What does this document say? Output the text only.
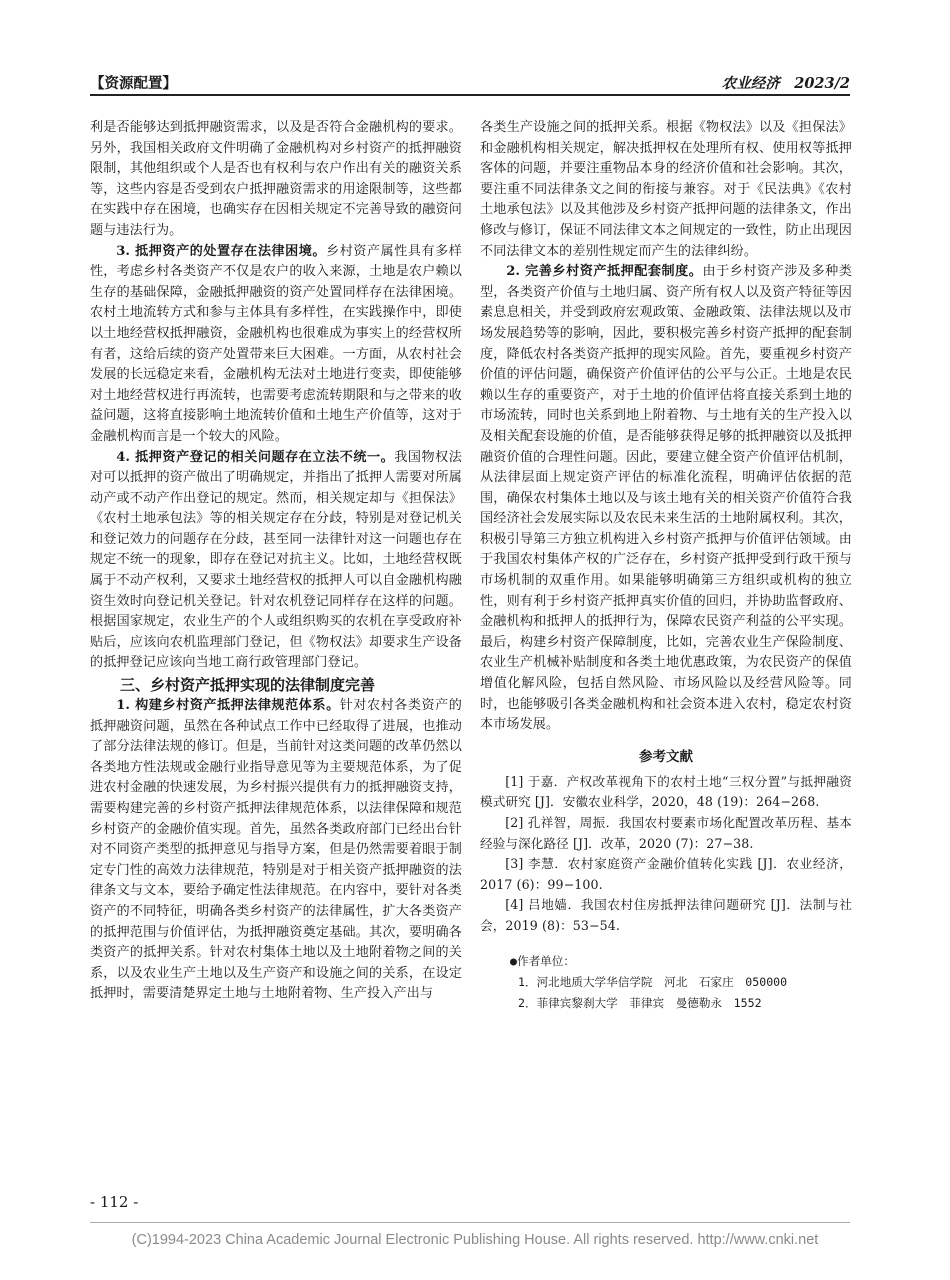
【资源配置】	农业经济　2023/2

利是否能够达到抵押融资需求，以及是否符合金融机构的要求。另外，我国相关政府文件明确了金融机构对乡村资产的抵押融资限制，其他组织或个人是否也有权利与农户作出有关的融资关系等，这些内容是否受到农户抵押融资需求的用途限制等，这些都在实践中存在困境，也确实存在因相关规定不完善导致的融资问题与违法行为。

3. 抵押资产的处置存在法律困境。乡村资产属性具有多样性，考虑乡村各类资产不仅是农户的收入来源，土地是农户赖以生存的基础保障，金融抵押融资的资产处置同样存在法律困境。农村土地流转方式和参与主体具有多样性，在实践操作中，即使以土地经营权抵押融资，金融机构也很难成为事实上的经营权所有者，这给后续的资产处置带来巨大困难。一方面，从农村社会发展的长远稳定来看，金融机构无法对土地进行变卖，即使能够对土地经营权进行再流转，也需要考虑流转期限和与之带来的收益问题，这将直接影响土地流转价值和土地生产价值等，这对于金融机构而言是一个较大的风险。

4. 抵押资产登记的相关问题存在立法不统一。我国物权法对可以抵押的资产做出了明确规定，并指出了抵押人需要对所属动产或不动产作出登记的规定。然而，相关规定却与《担保法》《农村土地承包法》等的相关规定存在分歧，特别是对登记机关和登记效力的问题存在分歧，甚至同一法律针对这一问题也存在规定不统一的现象，即存在登记对抗主义。比如，土地经营权既属于不动产权利，又要求土地经营权的抵押人可以自金融机构融资生效时向登记机关登记。针对农机登记同样存在这样的问题。根据国家规定，农业生产的个人或组织购买的农机在享受政府补贴后，应该向农机监理部门登记，但《物权法》却要求生产设备的抵押登记应该向当地工商行政管理部门登记。

三、乡村资产抵押实现的法律制度完善

1. 构建乡村资产抵押法律规范体系。针对农村各类资产的抵押融资问题，虽然在各种试点工作中已经取得了进展，也推动了部分法律法规的修订。但是，当前针对这类问题的改革仍然以各类地方性法规或金融行业指导意见等为主要规范体系，为了促进农村金融的快速发展，为乡村振兴提供有力的抵押融资支持，需要构建完善的乡村资产抵押法律规范体系，以法律保障和规范乡村资产的金融价值实现。首先，虽然各类政府部门已经出台针对不同资产类型的抵押意见与指导方案，但是仍然需要着眼于制定专门性的高效力法律规范，特别是对于相关资产抵押融资的法律条文与文本，要给予确定性法律规范。在内容中，要针对各类资产的不同特征，明确各类乡村资产的法律属性，扩大各类资产的抵押范围与价值评估，为抵押融资奠定基础。其次，要明确各类资产的抵押关系。针对农村集体土地以及土地附着物之间的关系，以及农业生产土地以及生产资产和设施之间的关系，在设定抵押时，需要清楚界定土地与土地附着物、生产投入产出与

各类生产设施之间的抵押关系。根据《物权法》以及《担保法》和金融机构相关规定，解决抵押权在处理所有权、使用权等抵押客体的问题，并要注重物品本身的经济价值和社会影响。其次，要注重不同法律条文之间的衔接与兼容。对于《民法典》《农村土地承包法》以及其他涉及乡村资产抵押问题的法律条文，作出修改与修订，保证不同法律文本之间规定的一致性，防止出现因不同法律文本的差别性规定而产生的法律纠纷。

2. 完善乡村资产抵押配套制度。由于乡村资产涉及多种类型，各类资产价值与土地归属、资产所有权人以及资产特征等因素息息相关，并受到政府宏观政策、金融政策、法律法规以及市场发展趋势等的影响，因此，要积极完善乡村资产抵押的配套制度，降低农村各类资产抵押的现实风险。首先，要重视乡村资产价值的评估问题，确保资产价值评估的公平与公正。土地是农民赖以生存的重要资产，对于土地的价值评估将直接关系到土地的市场流转，同时也关系到地上附着物、与土地有关的生产投入以及相关配套设施的价值，是否能够获得足够的抵押融资以及抵押融资价值的合理性问题。因此，要建立健全资产价值评估机制，从法律层面上规定资产评估的标准化流程，明确评估依据的范围，确保农村集体土地以及与该土地有关的相关资产价值符合我国经济社会发展实际以及农民未来生活的土地附属权利。其次，积极引导第三方独立机构进入乡村资产抵押与价值评估领域。由于我国农村集体产权的广泛存在，乡村资产抵押受到行政干预与市场机制的双重作用。如果能够明确第三方组织或机构的独立性，则有利于乡村资产抵押真实价值的回归，并协助监督政府、金融机构和抵押人的抵押行为，保障农民资产利益的公平实现。最后，构建乡村资产保障制度，比如，完善农业生产保险制度、农业生产机械补贴制度和各类土地优惠政策，为农民资产的保值增值化解风险，包括自然风险、市场风险以及经营风险等。同时，也能够吸引各类金融机构和社会资本进入农村，稳定农村资本市场发展。

参考文献

[1] 于嘉．产权改革视角下的农村土地“三权分置”与抵押融资模式研究 [J]．安徽农业科学，2020，48 (19)：264−268.

[2] 孔祥智，周振．我国农村要素市场化配置改革历程、基本经验与深化路径 [J]．改革，2020 (7)：27−38.

[3] 李慧．农村家庭资产金融价值转化实践 [J]．农业经济，2017 (6)：99−100.

[4] 吕地嫱．我国农村住房抵押法律问题研究 [J]．法制与社会，2019 (8)：53−54.

●作者单位：
1．河北地质大学华信学院　河北　石家庄　050000
2．菲律宾黎刹大学　菲律宾　曼德勒永　1552
- 112 -
(C)1994-2023 China Academic Journal Electronic Publishing House. All rights reserved. http://www.cnki.net
